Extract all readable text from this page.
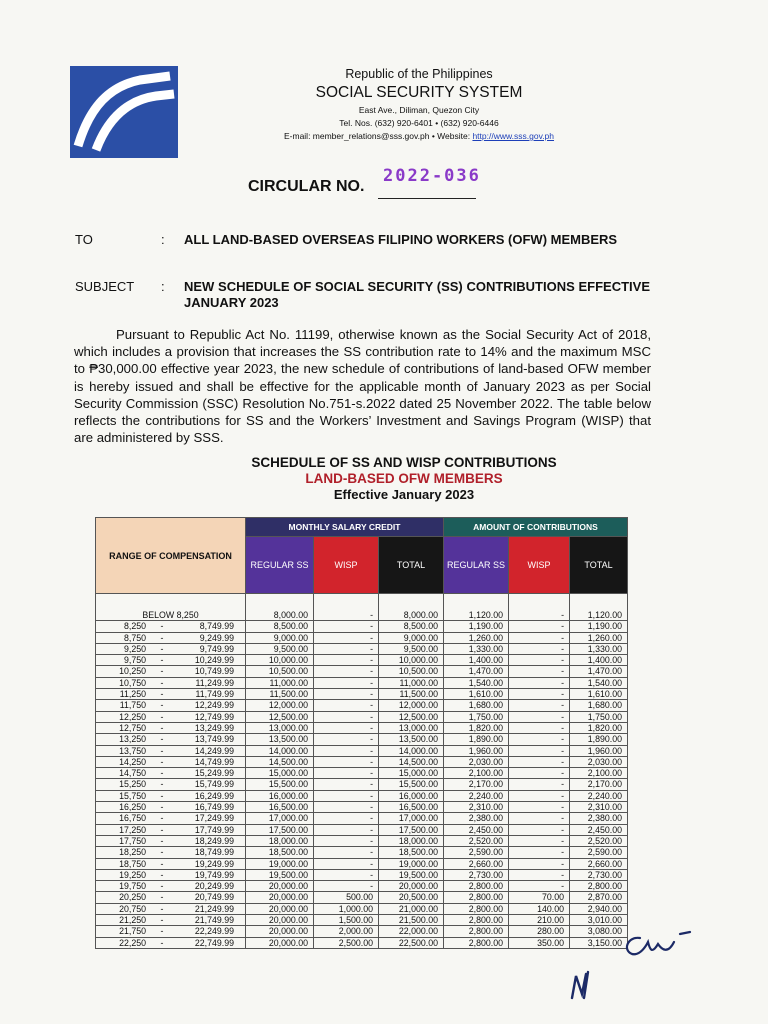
Republic of the Philippines
SOCIAL SECURITY SYSTEM
East Ave., Diliman, Quezon City
Tel. Nos. (632) 920-6401 • (632) 920-6446
E-mail: member_relations@sss.gov.ph • Website: http://www.sss.gov.ph
CIRCULAR NO.
2022-036
TO	: ALL LAND-BASED OVERSEAS FILIPINO WORKERS (OFW) MEMBERS
SUBJECT : NEW SCHEDULE OF SOCIAL SECURITY (SS) CONTRIBUTIONS EFFECTIVE JANUARY 2023
Pursuant to Republic Act No. 11199, otherwise known as the Social Security Act of 2018, which includes a provision that increases the SS contribution rate to 14% and the maximum MSC to ₱30,000.00 effective year 2023, the new schedule of contributions of land-based OFW member is hereby issued and shall be effective for the applicable month of January 2023 as per Social Security Commission (SSC) Resolution No.751-s.2022 dated 25 November 2022. The table below reflects the contributions for SS and the Workers’ Investment and Savings Program (WISP) that are administered by SSS.
SCHEDULE OF SS AND WISP CONTRIBUTIONS
LAND-BASED OFW MEMBERS
Effective January 2023
RANGE OF COMPENSATION	MONTHLY SALARY CREDIT			AMOUNT OF CONTRIBUTIONS		
	REGULAR SS	WISP	TOTAL	REGULAR SS	WISP	TOTAL

BELOW 8,250	8,000.00	-	8,000.00	1,120.00	-	1,120.00
8,250 - 8,749.99	8,500.00	-	8,500.00	1,190.00	-	1,190.00
8,750 - 9,249.99	9,000.00	-	9,000.00	1,260.00	-	1,260.00
9,250 - 9,749.99	9,500.00	-	9,500.00	1,330.00	-	1,330.00
9,750 - 10,249.99	10,000.00	-	10,000.00	1,400.00	-	1,400.00
10,250 - 10,749.99	10,500.00	-	10,500.00	1,470.00	-	1,470.00
10,750 - 11,249.99	11,000.00	-	11,000.00	1,540.00	-	1,540.00
11,250 - 11,749.99	11,500.00	-	11,500.00	1,610.00	-	1,610.00
11,750 - 12,249.99	12,000.00	-	12,000.00	1,680.00	-	1,680.00
12,250 - 12,749.99	12,500.00	-	12,500.00	1,750.00	-	1,750.00
12,750 - 13,249.99	13,000.00	-	13,000.00	1,820.00	-	1,820.00
13,250 - 13,749.99	13,500.00	-	13,500.00	1,890.00	-	1,890.00
13,750 - 14,249.99	14,000.00	-	14,000.00	1,960.00	-	1,960.00
14,250 - 14,749.99	14,500.00	-	14,500.00	2,030.00	-	2,030.00
14,750 - 15,249.99	15,000.00	-	15,000.00	2,100.00	-	2,100.00
15,250 - 15,749.99	15,500.00	-	15,500.00	2,170.00	-	2,170.00
15,750 - 16,249.99	16,000.00	-	16,000.00	2,240.00	-	2,240.00
16,250 - 16,749.99	16,500.00	-	16,500.00	2,310.00	-	2,310.00
16,750 - 17,249.99	17,000.00	-	17,000.00	2,380.00	-	2,380.00
17,250 - 17,749.99	17,500.00	-	17,500.00	2,450.00	-	2,450.00
17,750 - 18,249.99	18,000.00	-	18,000.00	2,520.00	-	2,520.00
18,250 - 18,749.99	18,500.00	-	18,500.00	2,590.00	-	2,590.00
18,750 - 19,249.99	19,000.00	-	19,000.00	2,660.00	-	2,660.00
19,250 - 19,749.99	19,500.00	-	19,500.00	2,730.00	-	2,730.00
19,750 - 20,249.99	20,000.00	-	20,000.00	2,800.00	-	2,800.00
20,250 - 20,749.99	20,000.00	500.00	20,500.00	2,800.00	70.00	2,870.00
20,750 - 21,249.99	20,000.00	1,000.00	21,000.00	2,800.00	140.00	2,940.00
21,250 - 21,749.99	20,000.00	1,500.00	21,500.00	2,800.00	210.00	3,010.00
21,750 - 22,249.99	20,000.00	2,000.00	22,000.00	2,800.00	280.00	3,080.00
22,250 - 22,749.99	20,000.00	2,500.00	22,500.00	2,800.00	350.00	3,150.00
